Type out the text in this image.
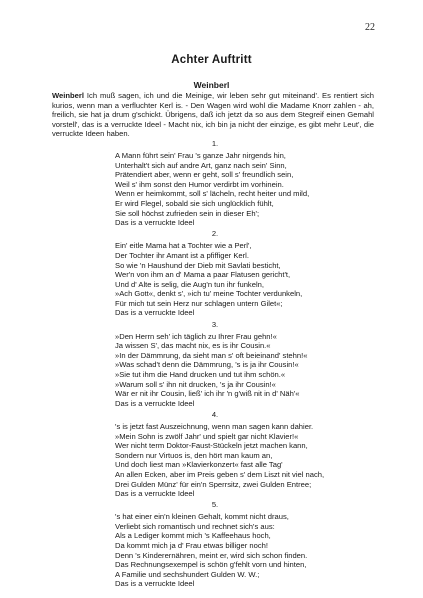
22
Achter Auftritt
Weinberl

Weinberl Ich muß sagen, ich und die Meinige, wir leben sehr gut miteinand'. Es rentiert sich kurios, wenn man a verfluchter Kerl is. - Den Wagen wird wohl die Madame Knorr zahlen - ah, freilich, sie hat ja drum g'schickt. Übrigens, daß ich jetzt da so aus dem Stegreif einen Gemahl vorstell', das is a verruckte Ideel - Macht nix, ich bin ja nicht der einzige, es gibt mehr Leut', die verruckte Ideen haben.

1.
A Mann führt sein' Frau 's ganze Jahr nirgends hin,
Unterhalt't sich auf andre Art, ganz nach sein' Sinn,
Prätendiert aber, wenn er geht, soll s' freundlich sein,
Weil s' ihm sonst den Humor verdirbt im vorhinein.
Wenn er heimkommt, soll s' lächeln, recht heiter und mild,
Er wird Flegel, sobald sie sich unglücklich fühlt,
Sie soll höchst zufrieden sein in dieser Eh';
Das is a verruckte Ideel
2.
Ein' eitle Mama hat a Tochter wie a Perl',
Der Tochter ihr Amant ist a pfiffiger Kerl.
So wie 'n Haushund der Dieb mit Savlati besticht,
Wer'n von ihm an d' Mama a paar Flatusen gericht't,
Und d' Alte is selig, die Aug'n tun ihr funkeln,
»Ach Gott«, denkt s', »ich tu' meine Tochter verdunkeln,
Für mich tut sein Herz nur schlagen untern Gilet«;
Das is a verruckte Ideel
3.
»Den Herrn seh' ich täglich zu Ihrer Frau gehn!«
Ja wissen S', das macht nix, es is ihr Cousin.«
»In der Dämmrung, da sieht man s' oft beieinand' stehn!«
»Was schad't denn die Dämmrung, 's is ja ihr Cousin!«
»Sie tut ihm die Hand drucken und tut ihm schön.«
»Warum soll s' ihn nit drucken, 's ja ihr Cousin!«
Wär er nit ihr Cousin, ließ' ich ihr 'n g'wiß nit in d' Näh'«
Das is a verruckte Ideel
4.
's is jetzt fast Auszeichnung, wenn man sagen kann dahier.
»Mein Sohn is zwölf Jahr' und spielt gar nicht Klavier!«
Wer nicht term Doktor-Faust-Stückeln jetzt machen kann,
Sondern nur Virtuos is, den hört man kaum an,
Und doch liest man »Klavierkonzert« fast alle Tag'
An allen Ecken, aber im Preis geben s' dem Liszt nit viel nach,
Drei Gulden Münz' für ein'n Sperrsitz, zwei Gulden Entree;
Das is a verruckte Ideel
5.
's hat einer ein'n kleinen Gehalt, kommt nicht draus,
Verliebt sich romantisch und rechnet sich's aus:
Als a Lediger kommt mich 's Kaffeehaus hoch,
Da kommt mich ja d' Frau etwas billiger noch!
Denn 's Kinderernähren, meint er, wird sich schon finden.
Das Rechnungsexempel is schön g'fehlt vorn und hinten,
A Familie und sechshundert Gulden W. W.;
Das is a verruckte Ideel
